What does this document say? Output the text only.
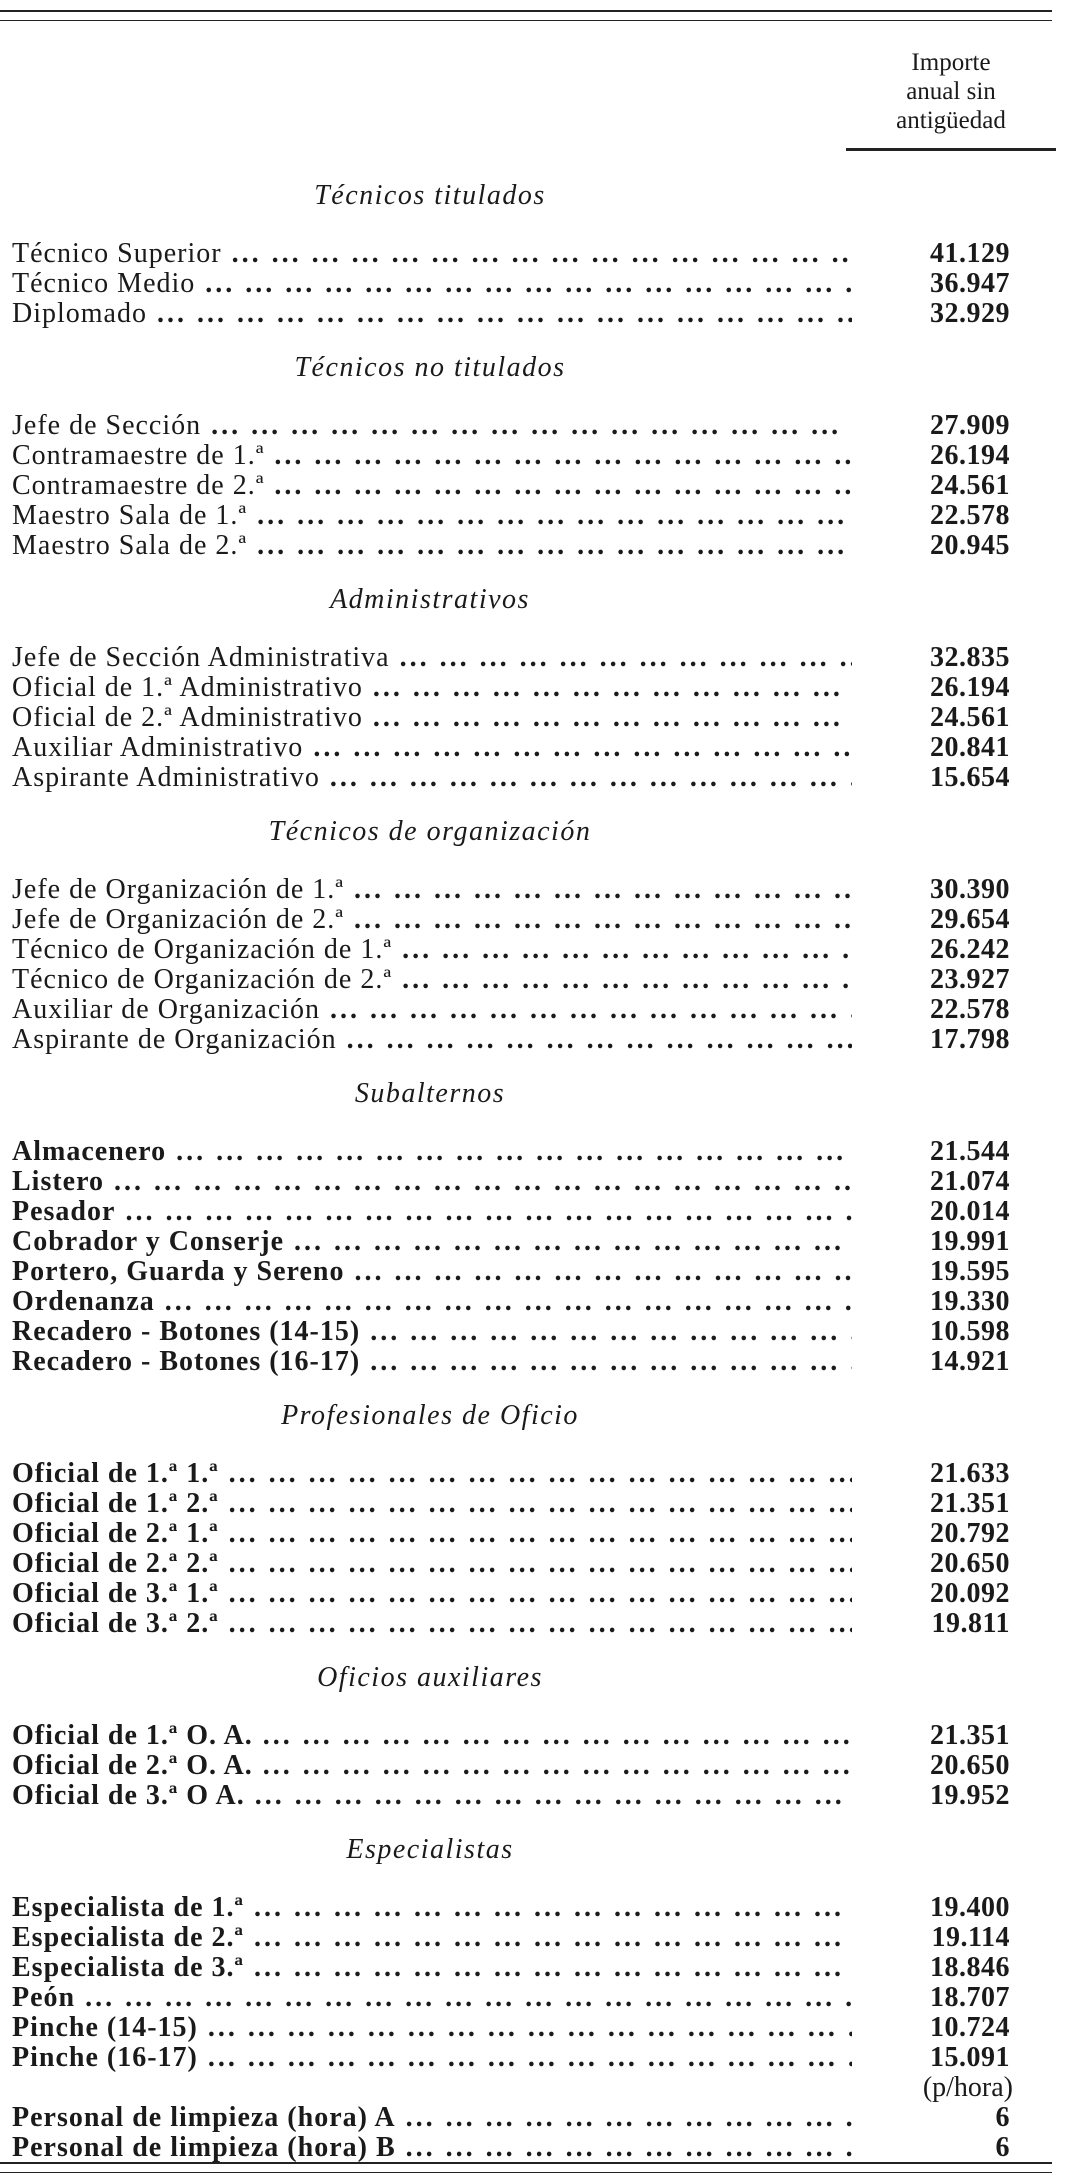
Importe
anual sin
antigüedad
Técnicos titulados
Técnico Superior ... .	41.129
Técnico Medio ... .	36.947
Diplomado ... .	32.929
Técnicos no titulados
Jefe de Sección ... .	27.909
Contramaestre de 1.ª ... .	26.194
Contramaestre de 2.ª ... .	24.561
Maestro Sala de 1.ª ... .	22.578
Maestro Sala de 2.ª ... .	20.945
Administrativos
Jefe de Sección Administrativa ... .	32.835
Oficial de 1.ª Administrativo ... .	26.194
Oficial de 2.ª Administrativo ... .	24.561
Auxiliar Administrativo ... .	20.841
Aspirante Administrativo ... .	15.654
Técnicos de organización
Jefe de Organización de 1.ª ... .	30.390
Jefe de Organización de 2.ª ... .	29.654
Técnico de Organización de 1.ª ... .	26.242
Técnico de Organización de 2.ª ... .	23.927
Auxiliar de Organización ... .	22.578
Aspirante de Organización ... .	17.798
Subalternos
Almacenero ... .	21.544
Listero ... .	21.074
Pesador ... .	20.014
Cobrador y Conserje ... .	19.991
Portero, Guarda y Sereno ... .	19.595
Ordenanza ... .	19.330
Recadero - Botones (14-15) ... .	10.598
Recadero - Botones (16-17) ... .	14.921
Profesionales de Oficio
Oficial de 1.ª 1.ª ... .	21.633
Oficial de 1.ª 2.ª ... .	21.351
Oficial de 2.ª 1.ª ... .	20.792
Oficial de 2.ª 2.ª ... .	20.650
Oficial de 3.ª 1.ª ... .	20.092
Oficial de 3.ª 2.ª ... .	19.811
Oficios auxiliares
Oficial de 1.ª O. A. ... .	21.351
Oficial de 2.ª O. A. ... .	20.650
Oficial de 3.ª O A. ... .	19.952
Especialistas
Especialista de 1.ª ... .	19.400
Especialista de 2.ª ... .	19.114
Especialista de 3.ª ... .	18.846
Peón ... .	18.707
Pinche (14-15) ... .	10.724
Pinche (16-17) ... .	15.091
(p/hora)
Personal de limpieza (hora) A ... .	6
Personal de limpieza (hora) B ... .	6
